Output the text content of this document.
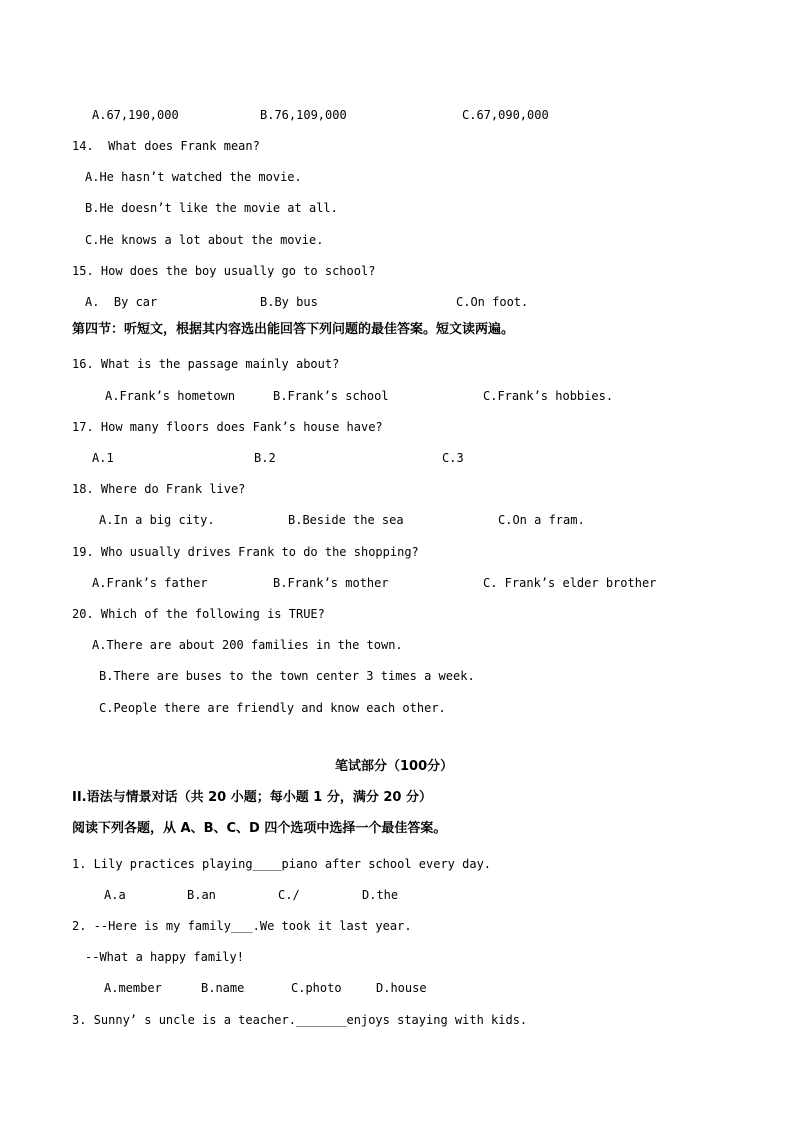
A.67,190,000	B.76,109,000	C.67,090,000
14.  What does Frank mean?
A.He hasn’t watched the movie.
B.He doesn’t like the movie at all.
C.He knows a lot about the movie.
15. How does the boy usually go to school?
A.  By car	B.By bus	C.On foot.
第四节：听短文，根据其内容选出能回答下列问题的最佳答案。短文读两遍。
16. What is the passage mainly about?
A.Frank’s hometown	B.Frank’s school	C.Frank’s hobbies.
17. How many floors does Fank’s house have?
A.1	B.2	C.3
18. Where do Frank live?
A.In a big city.	B.Beside the sea	C.On a fram.
19. Who usually drives Frank to do the shopping?
A.Frank’s father	B.Frank’s mother	C. Frank’s elder brother
20. Which of the following is TRUE?
A.There are about 200 families in the town.
B.There are buses to the town center 3 times a week.
C.People there are friendly and know each other.
笔试部分（100分）
II.语法与情景对话（共 20 小题；每小题 1 分，满分 20 分）
阅读下列各题，从 A、B、C、D 四个选项中选择一个最佳答案。
1. Lily practices playing____piano after school every day.
A.a	B.an	C./	D.the
2. --Here is my family___.We took it last year.
--What a happy family!
A.member	B.name	C.photo	D.house
3. Sunny’ s uncle is a teacher._______enjoys staying with kids.
